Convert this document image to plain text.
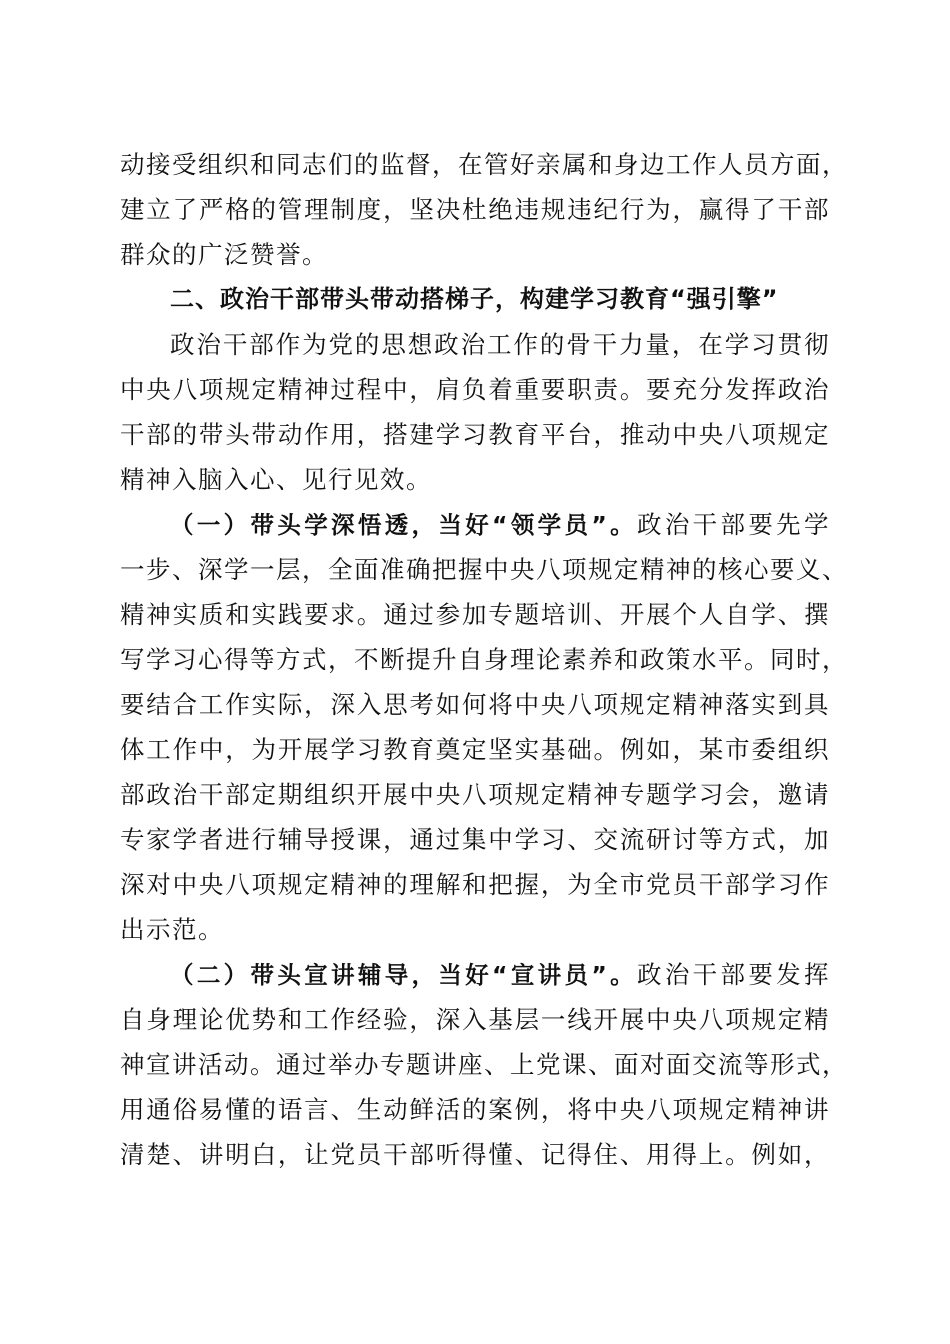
动接受组织和同志们的监督，在管好亲属和身边工作人员方面，
建立了严格的管理制度，坚决杜绝违规违纪行为，赢得了干部
群众的广泛赞誉。
二、政治干部带头带动搭梯子，构建学习教育“强引擎”
政治干部作为党的思想政治工作的骨干力量，在学习贯彻
中央八项规定精神过程中，肩负着重要职责。要充分发挥政治
干部的带头带动作用，搭建学习教育平台，推动中央八项规定
精神入脑入心、见行见效。
（一）带头学深悟透，当好“领学员”。政治干部要先学
一步、深学一层，全面准确把握中央八项规定精神的核心要义、
精神实质和实践要求。通过参加专题培训、开展个人自学、撰
写学习心得等方式，不断提升自身理论素养和政策水平。同时，
要结合工作实际，深入思考如何将中央八项规定精神落实到具
体工作中，为开展学习教育奠定坚实基础。例如，某市委组织
部政治干部定期组织开展中央八项规定精神专题学习会，邀请
专家学者进行辅导授课，通过集中学习、交流研讨等方式，加
深对中央八项规定精神的理解和把握，为全市党员干部学习作
出示范。
（二）带头宣讲辅导，当好“宣讲员”。政治干部要发挥
自身理论优势和工作经验，深入基层一线开展中央八项规定精
神宣讲活动。通过举办专题讲座、上党课、面对面交流等形式，
用通俗易懂的语言、生动鲜活的案例，将中央八项规定精神讲
清楚、讲明白，让党员干部听得懂、记得住、用得上。例如，
